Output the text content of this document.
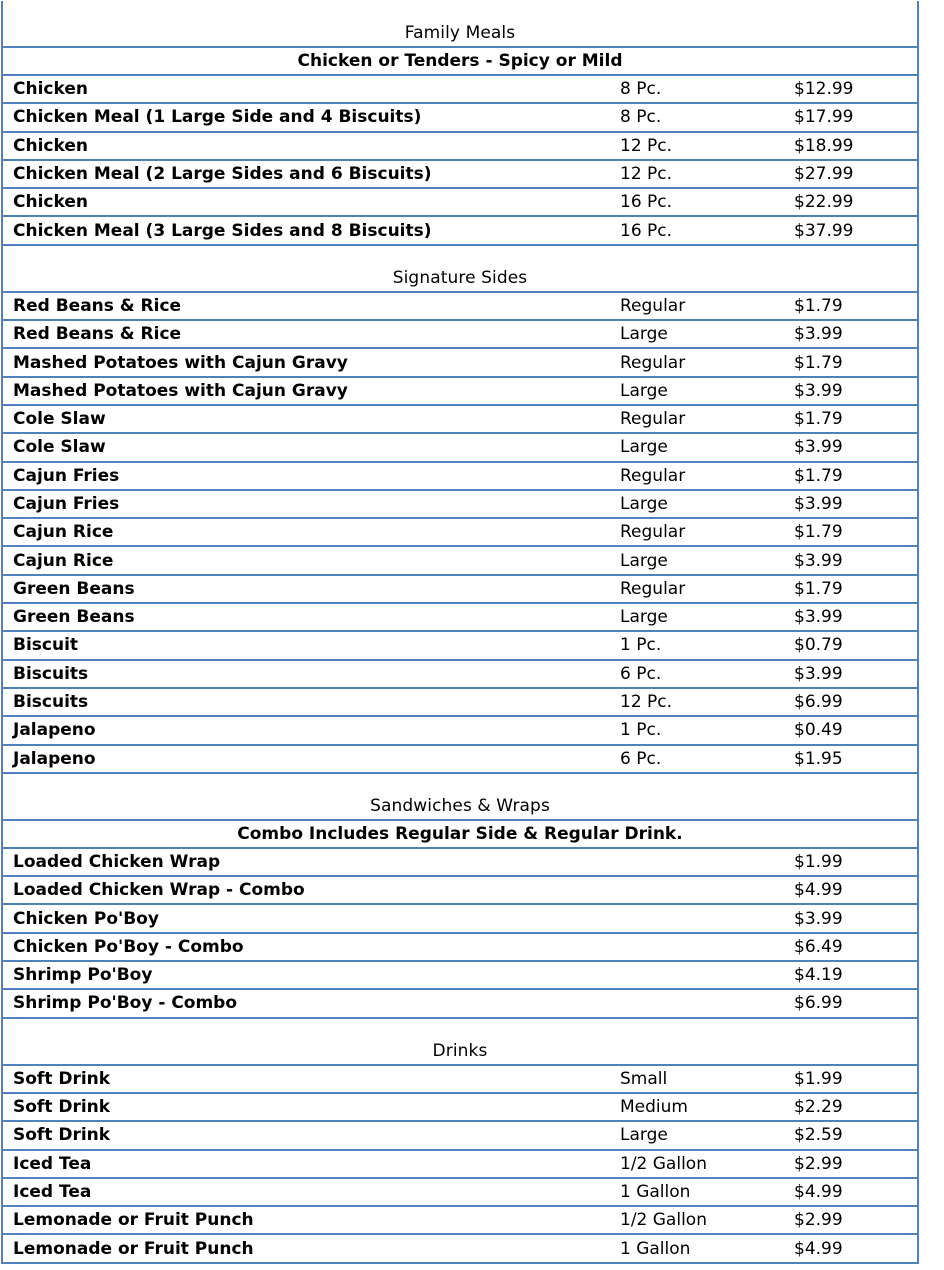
Family Meals
Chicken or Tenders - Spicy or Mild
Chicken	8 Pc.	$12.99
Chicken Meal (1 Large Side and 4 Biscuits)	8 Pc.	$17.99
Chicken	12 Pc.	$18.99
Chicken Meal (2 Large Sides and 6 Biscuits)	12 Pc.	$27.99
Chicken	16 Pc.	$22.99
Chicken Meal (3 Large Sides and 8 Biscuits)	16 Pc.	$37.99
Signature Sides
Red Beans & Rice	Regular	$1.79
Red Beans & Rice	Large	$3.99
Mashed Potatoes with Cajun Gravy	Regular	$1.79
Mashed Potatoes with Cajun Gravy	Large	$3.99
Cole Slaw	Regular	$1.79
Cole Slaw	Large	$3.99
Cajun Fries	Regular	$1.79
Cajun Fries	Large	$3.99
Cajun Rice	Regular	$1.79
Cajun Rice	Large	$3.99
Green Beans	Regular	$1.79
Green Beans	Large	$3.99
Biscuit	1 Pc.	$0.79
Biscuits	6 Pc.	$3.99
Biscuits	12 Pc.	$6.99
Jalapeno	1 Pc.	$0.49
Jalapeno	6 Pc.	$1.95
Sandwiches & Wraps
Combo Includes Regular Side & Regular Drink.
Loaded Chicken Wrap	$1.99
Loaded Chicken Wrap - Combo	$4.99
Chicken Po'Boy	$3.99
Chicken Po'Boy - Combo	$6.49
Shrimp Po'Boy	$4.19
Shrimp Po'Boy - Combo	$6.99
Drinks
Soft Drink	Small	$1.99
Soft Drink	Medium	$2.29
Soft Drink	Large	$2.59
Iced Tea	1/2 Gallon	$2.99
Iced Tea	1 Gallon	$4.99
Lemonade or Fruit Punch	1/2 Gallon	$2.99
Lemonade or Fruit Punch	1 Gallon	$4.99
